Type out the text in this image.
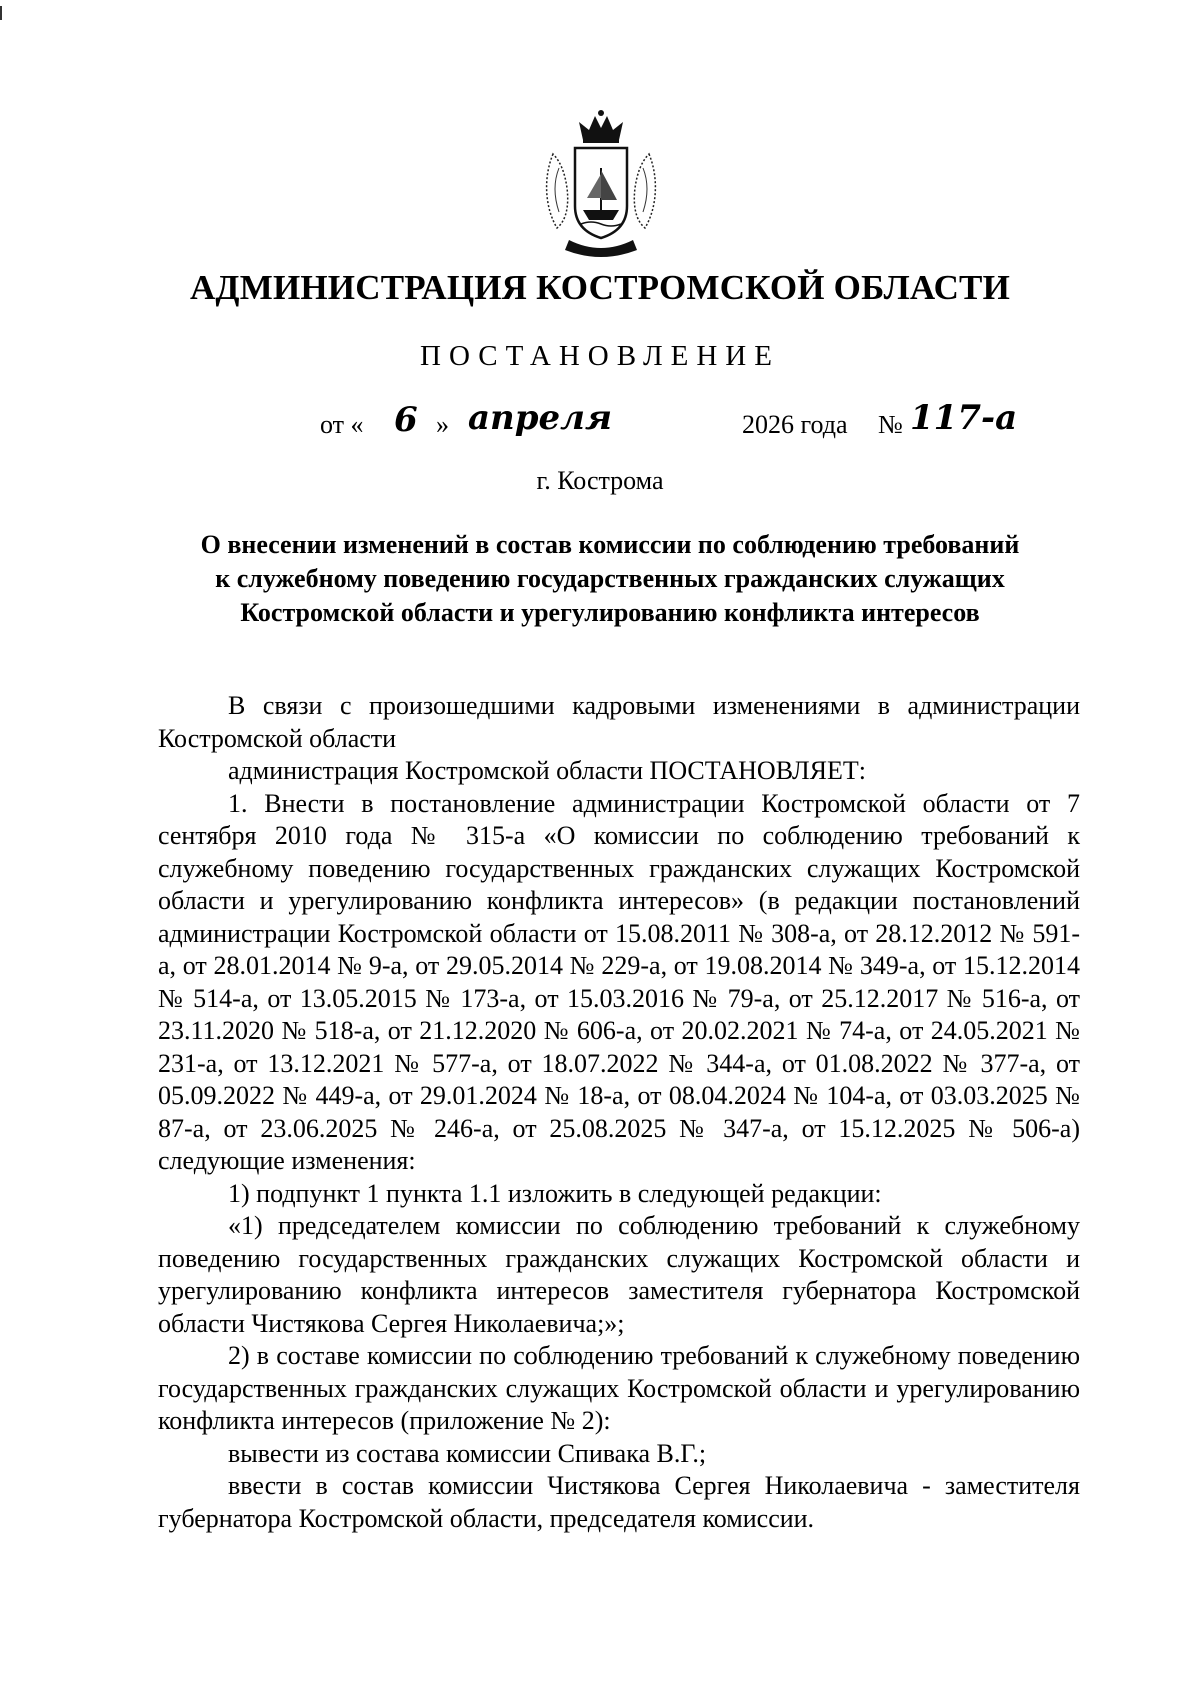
АДМИНИСТРАЦИЯ КОСТРОМСКОЙ ОБЛАСТИ
ПОСТАНОВЛЕНИЕ
от « 6 » апреля	2026 года № 117-а
г. Кострома
О внесении изменений в состав комиссии по соблюдению требований
к служебному поведению государственных гражданских служащих
Костромской области и урегулированию конфликта интересов

В связи с произошедшими кадровыми изменениями в администрации Костромской области

администрация Костромской области ПОСТАНОВЛЯЕТ:

1. Внести в постановление администрации Костромской области от 7 сентября 2010 года № 315-а «О комиссии по соблюдению требований к служебному поведению государственных гражданских служащих Костромской области и урегулированию конфликта интересов» (в редакции постановлений администрации Костромской области от 15.08.2011 № 308-а, от 28.12.2012 № 591-а, от 28.01.2014 № 9-а, от 29.05.2014 № 229-а, от 19.08.2014 № 349-а, от 15.12.2014 № 514-а, от 13.05.2015 № 173-а, от 15.03.2016 № 79-а, от 25.12.2017 № 516-а, от 23.11.2020 № 518-а, от 21.12.2020 № 606-а, от 20.02.2021 № 74-а, от 24.05.2021 № 231-а, от 13.12.2021 № 577-а, от 18.07.2022 № 344-а, от 01.08.2022 № 377-а, от 05.09.2022 № 449-а, от 29.01.2024 № 18-а, от 08.04.2024 № 104-а, от 03.03.2025 № 87-а, от 23.06.2025 № 246-а, от 25.08.2025 № 347-а, от 15.12.2025 № 506-а) следующие изменения:

1) подпункт 1 пункта 1.1 изложить в следующей редакции:

«1) председателем комиссии по соблюдению требований к служебному поведению государственных гражданских служащих Костромской области и урегулированию конфликта интересов заместителя губернатора Костромской области Чистякова Сергея Николаевича;»;

2) в составе комиссии по соблюдению требований к служебному поведению государственных гражданских служащих Костромской области и урегулированию конфликта интересов (приложение № 2):

вывести из состава комиссии Спивака В.Г.;

ввести в состав комиссии Чистякова Сергея Николаевича - заместителя губернатора Костромской области, председателя комиссии.
